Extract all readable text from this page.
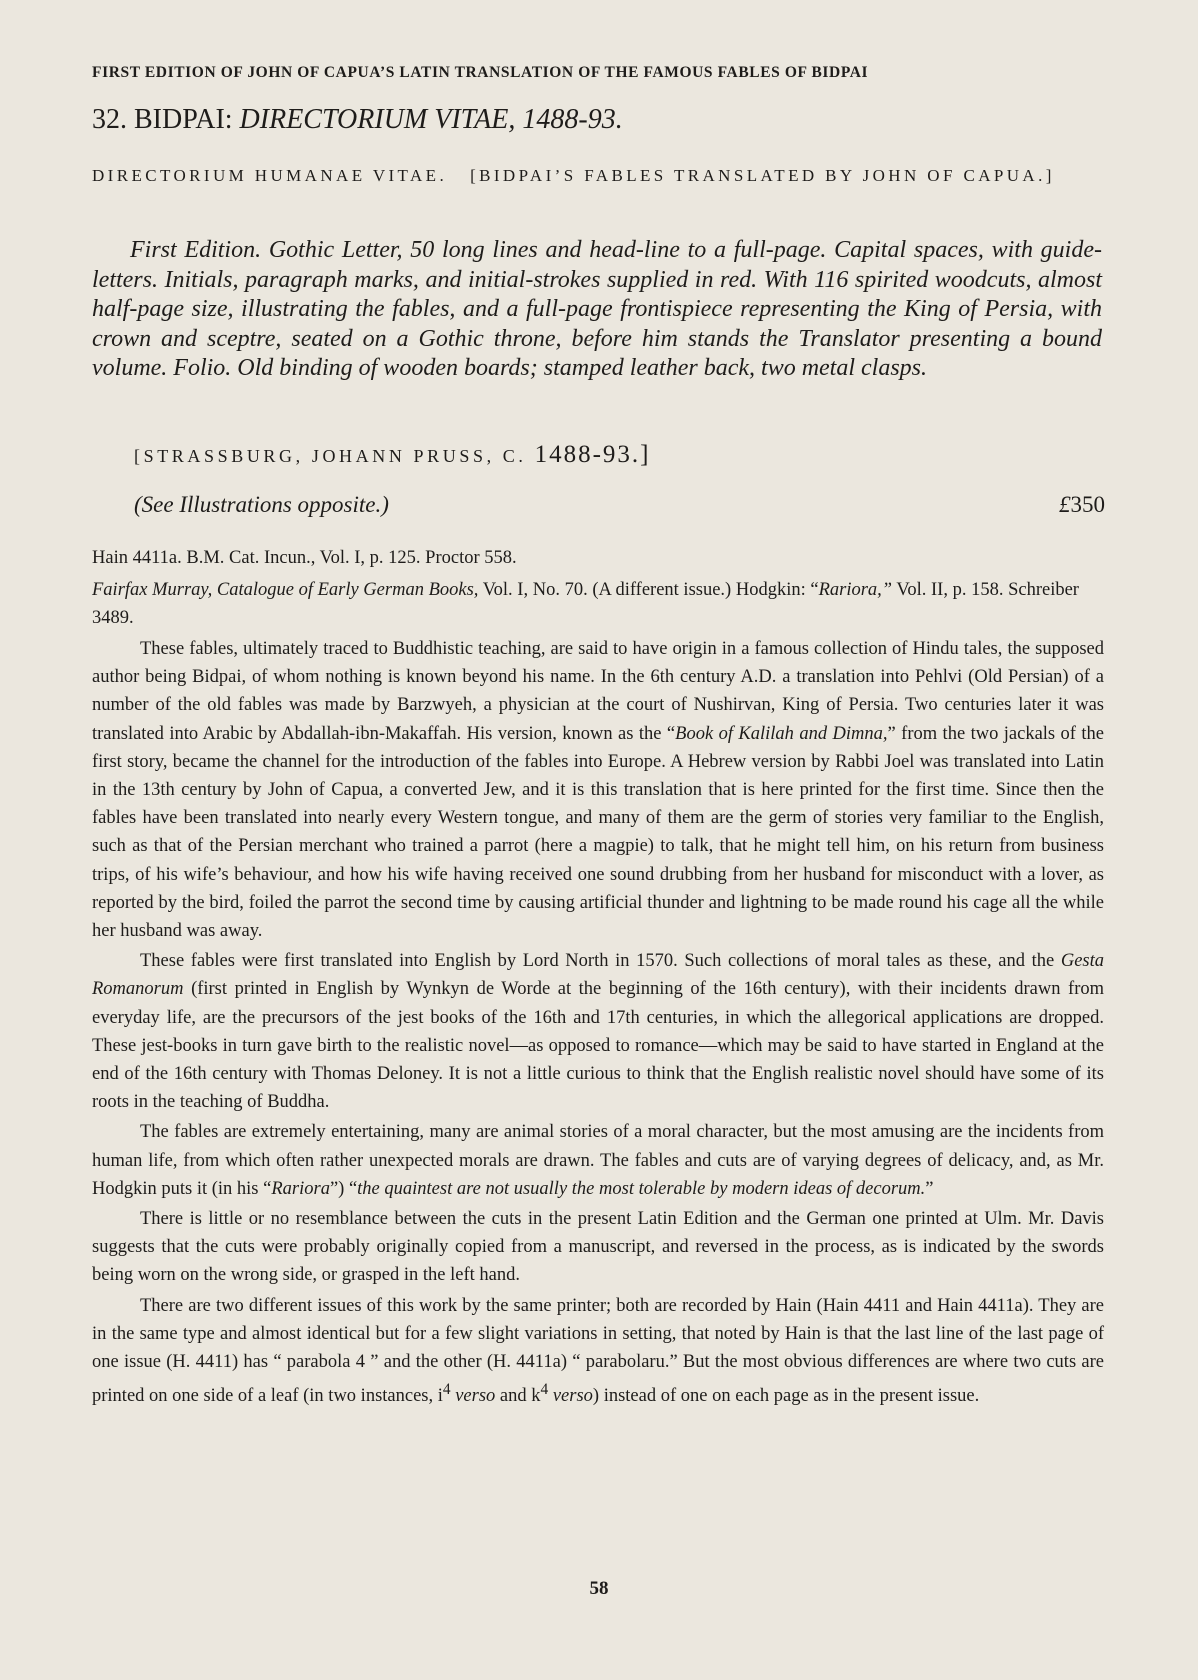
FIRST EDITION OF JOHN OF CAPUA’S LATIN TRANSLATION OF THE FAMOUS FABLES OF BIDPAI
32. BIDPAI: DIRECTORIUM VITAE, 1488-93.
DIRECTORIUM HUMANAE VITAE. [BIDPAI’S FABLES TRANSLATED BY JOHN OF CAPUA.]

First Edition. Gothic Letter, 50 long lines and head-line to a full-page. Capital spaces, with guide-letters. Initials, paragraph marks, and initial-strokes supplied in red. With 116 spirited woodcuts, almost half-page size, illustrating the fables, and a full-page frontispiece representing the King of Persia, with crown and sceptre, seated on a Gothic throne, before him stands the Translator presenting a bound volume. Folio. Old binding of wooden boards; stamped leather back, two metal clasps.

[STRASSBURG, JOHANN PRUSS, C. 1488-93.]
(See Illustrations opposite.)	£350

Hain 4411a. B.M. Cat. Incun., Vol. I, p. 125. Proctor 558.

Fairfax Murray, Catalogue of Early German Books, Vol. I, No. 70. (A different issue.) Hodgkin: “Rariora,” Vol. II, p. 158. Schreiber 3489.

These fables, ultimately traced to Buddhistic teaching, are said to have origin in a famous collection of Hindu tales, the supposed author being Bidpai, of whom nothing is known beyond his name. In the 6th century A.D. a translation into Pehlvi (Old Persian) of a number of the old fables was made by Barzwyeh, a physician at the court of Nushirvan, King of Persia. Two centuries later it was translated into Arabic by Abdallah-ibn-Makaffah. His version, known as the “Book of Kalilah and Dimna,” from the two jackals of the first story, became the channel for the introduction of the fables into Europe. A Hebrew version by Rabbi Joel was translated into Latin in the 13th century by John of Capua, a converted Jew, and it is this translation that is here printed for the first time. Since then the fables have been translated into nearly every Western tongue, and many of them are the germ of stories very familiar to the English, such as that of the Persian merchant who trained a parrot (here a magpie) to talk, that he might tell him, on his return from business trips, of his wife’s behaviour, and how his wife having received one sound drubbing from her husband for misconduct with a lover, as reported by the bird, foiled the parrot the second time by causing artificial thunder and lightning to be made round his cage all the while her husband was away.

These fables were first translated into English by Lord North in 1570. Such collections of moral tales as these, and the Gesta Romanorum (first printed in English by Wynkyn de Worde at the beginning of the 16th century), with their incidents drawn from everyday life, are the precursors of the jest books of the 16th and 17th centuries, in which the allegorical applications are dropped. These jest-books in turn gave birth to the realistic novel—as opposed to romance—which may be said to have started in England at the end of the 16th century with Thomas Deloney. It is not a little curious to think that the English realistic novel should have some of its roots in the teaching of Buddha.

The fables are extremely entertaining, many are animal stories of a moral character, but the most amusing are the incidents from human life, from which often rather unexpected morals are drawn. The fables and cuts are of varying degrees of delicacy, and, as Mr. Hodgkin puts it (in his “Rariora”) “the quaintest are not usually the most tolerable by modern ideas of decorum.”

There is little or no resemblance between the cuts in the present Latin Edition and the German one printed at Ulm. Mr. Davis suggests that the cuts were probably originally copied from a manuscript, and reversed in the process, as is indicated by the swords being worn on the wrong side, or grasped in the left hand.

There are two different issues of this work by the same printer; both are recorded by Hain (Hain 4411 and Hain 4411a). They are in the same type and almost identical but for a few slight variations in setting, that noted by Hain is that the last line of the last page of one issue (H. 4411) has “ parabola 4 ” and the other (H. 4411a) “ parabolaru.” But the most obvious differences are where two cuts are printed on one side of a leaf (in two instances, $i^4$ verso and $k^4$ verso) instead of one on each page as in the present issue.

58
